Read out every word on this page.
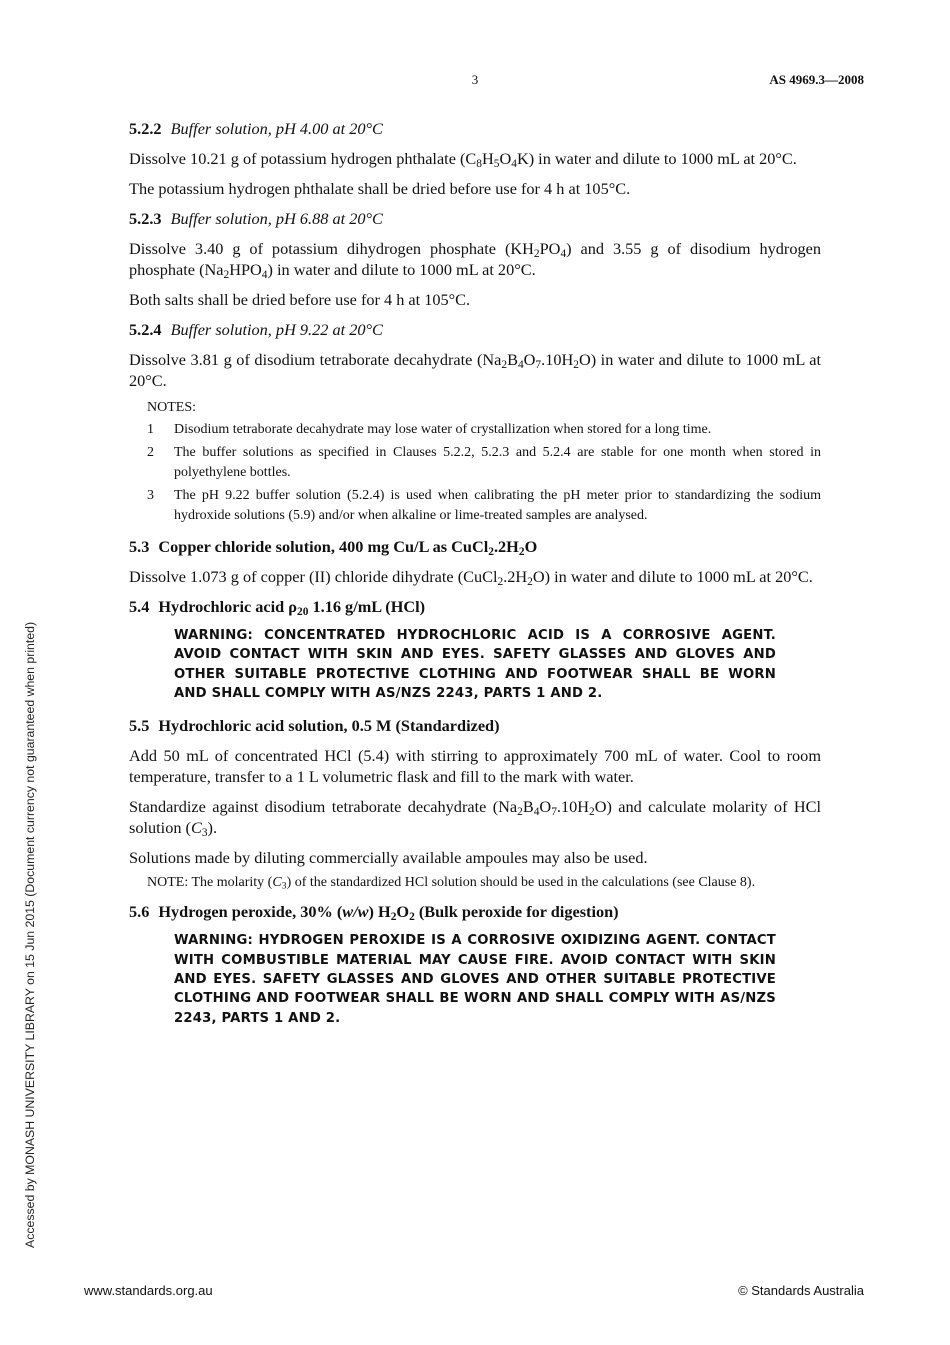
3	AS 4969.3—2008
Accessed by MONASH UNIVERSITY LIBRARY on 15 Jun 2015 (Document currency not guaranteed when printed)
5.2.2 Buffer solution, pH 4.00 at 20°C

Dissolve 10.21 g of potassium hydrogen phthalate $(C_8H_5O_4K)$ in water and dilute to 1000 mL at 20°C.

The potassium hydrogen phthalate shall be dried before use for 4 h at 105°C.

5.2.3 Buffer solution, pH 6.88 at 20°C

Dissolve 3.40 g of potassium dihydrogen phosphate $(KH_2PO_4)$ and 3.55 g of disodium hydrogen phosphate $(Na_2HPO_4)$ in water and dilute to 1000 mL at 20°C.

Both salts shall be dried before use for 4 h at 105°C.

5.2.4 Buffer solution, pH 9.22 at 20°C

Dissolve 3.81 g of disodium tetraborate decahydrate $(Na_2B_4O_7.10H_2O)$ in water and dilute to 1000 mL at 20°C.

NOTES:
1	Disodium tetraborate decahydrate may lose water of crystallization when stored for a long time.
2	The buffer solutions as specified in Clauses 5.2.2, 5.2.3 and 5.2.4 are stable for one month when stored in polyethylene bottles.
3	The pH 9.22 buffer solution (5.2.4) is used when calibrating the pH meter prior to standardizing the sodium hydroxide solutions (5.9) and/or when alkaline or lime-treated samples are analysed.
5.3 Copper chloride solution, 400 mg Cu/L as $CuCl_2.2H_2O$

Dissolve 1.073 g of copper (II) chloride dihydrate $(CuCl_2.2H_2O)$ in water and dilute to 1000 mL at 20°C.

5.4 Hydrochloric acid $\rho_{20}$ 1.16 g/mL (HCl)
WARNING: CONCENTRATED HYDROCHLORIC ACID IS A CORROSIVE AGENT. AVOID CONTACT WITH SKIN AND EYES. SAFETY GLASSES AND GLOVES AND OTHER SUITABLE PROTECTIVE CLOTHING AND FOOTWEAR SHALL BE WORN AND SHALL COMPLY WITH AS/NZS 2243, PARTS 1 AND 2.
5.5 Hydrochloric acid solution, 0.5 M (Standardized)

Add 50 mL of concentrated HCl (5.4) with stirring to approximately 700 mL of water. Cool to room temperature, transfer to a 1 L volumetric flask and fill to the mark with water.

Standardize against disodium tetraborate decahydrate $(Na_2B_4O_7.10H_2O)$ and calculate molarity of HCl solution $(C_3)$.

Solutions made by diluting commercially available ampoules may also be used.

NOTE: The molarity $(C_3)$ of the standardized HCl solution should be used in the calculations (see Clause 8).
5.6 Hydrogen peroxide, 30% (w/w) $H_2O_2$ (Bulk peroxide for digestion)
WARNING: HYDROGEN PEROXIDE IS A CORROSIVE OXIDIZING AGENT. CONTACT WITH COMBUSTIBLE MATERIAL MAY CAUSE FIRE. AVOID CONTACT WITH SKIN AND EYES. SAFETY GLASSES AND GLOVES AND OTHER SUITABLE PROTECTIVE CLOTHING AND FOOTWEAR SHALL BE WORN AND SHALL COMPLY WITH AS/NZS 2243, PARTS 1 AND 2.
www.standards.org.au	© Standards Australia
